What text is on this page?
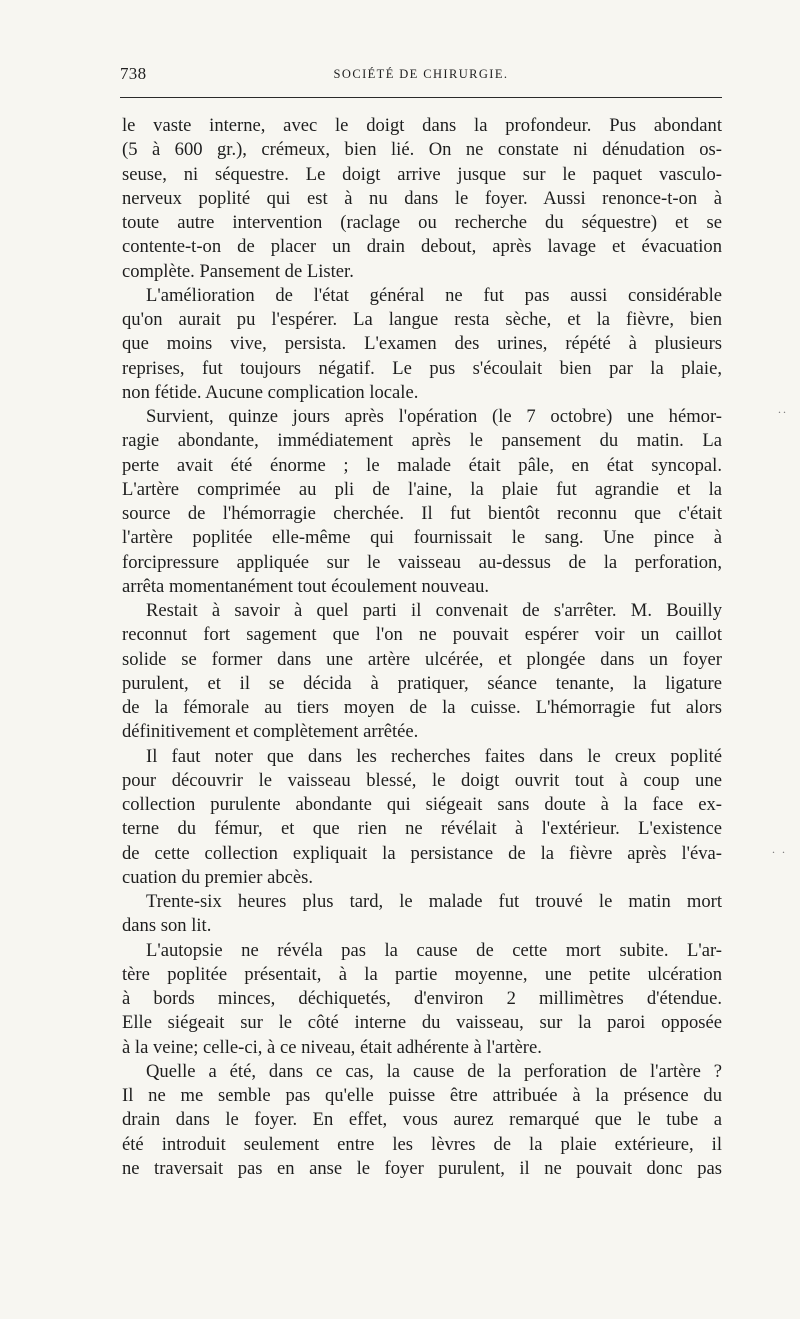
738	SOCIÉTÉ DE CHIRURGIE.
..
. .
le vaste interne, avec le doigt dans la profondeur. Pus abondant
(5 à 600 gr.), crémeux, bien lié. On ne constate ni dénudation os-
seuse, ni séquestre. Le doigt arrive jusque sur le paquet vasculo-
nerveux poplité qui est à nu dans le foyer. Aussi renonce-t-on à
toute autre intervention (raclage ou recherche du séquestre) et se
contente-t-on de placer un drain debout, après lavage et évacuation
complète. Pansement de Lister.
L'amélioration de l'état général ne fut pas aussi considérable
qu'on aurait pu l'espérer. La langue resta sèche, et la fièvre, bien
que moins vive, persista. L'examen des urines, répété à plusieurs
reprises, fut toujours négatif. Le pus s'écoulait bien par la plaie,
non fétide. Aucune complication locale.
Survient, quinze jours après l'opération (le 7 octobre) une hémor-
ragie abondante, immédiatement après le pansement du matin. La
perte avait été énorme ; le malade était pâle, en état syncopal.
L'artère comprimée au pli de l'aine, la plaie fut agrandie et la
source de l'hémorragie cherchée. Il fut bientôt reconnu que c'était
l'artère poplitée elle-même qui fournissait le sang. Une pince à
forcipressure appliquée sur le vaisseau au-dessus de la perforation,
arrêta momentanément tout écoulement nouveau.
Restait à savoir à quel parti il convenait de s'arrêter. M. Bouilly
reconnut fort sagement que l'on ne pouvait espérer voir un caillot
solide se former dans une artère ulcérée, et plongée dans un foyer
purulent, et il se décida à pratiquer, séance tenante, la ligature
de la fémorale au tiers moyen de la cuisse. L'hémorragie fut alors
définitivement et complètement arrêtée.
Il faut noter que dans les recherches faites dans le creux poplité
pour découvrir le vaisseau blessé, le doigt ouvrit tout à coup une
collection purulente abondante qui siégeait sans doute à la face ex-
terne du fémur, et que rien ne révélait à l'extérieur. L'existence
de cette collection expliquait la persistance de la fièvre après l'éva-
cuation du premier abcès.
Trente-six heures plus tard, le malade fut trouvé le matin mort
dans son lit.
L'autopsie ne révéla pas la cause de cette mort subite. L'ar-
tère poplitée présentait, à la partie moyenne, une petite ulcération
à bords minces, déchiquetés, d'environ 2 millimètres d'étendue.
Elle siégeait sur le côté interne du vaisseau, sur la paroi opposée
à la veine; celle-ci, à ce niveau, était adhérente à l'artère.
Quelle a été, dans ce cas, la cause de la perforation de l'artère ?
Il ne me semble pas qu'elle puisse être attribuée à la présence du
drain dans le foyer. En effet, vous aurez remarqué que le tube a
été introduit seulement entre les lèvres de la plaie extérieure, il
ne traversait pas en anse le foyer purulent, il ne pouvait donc pas
